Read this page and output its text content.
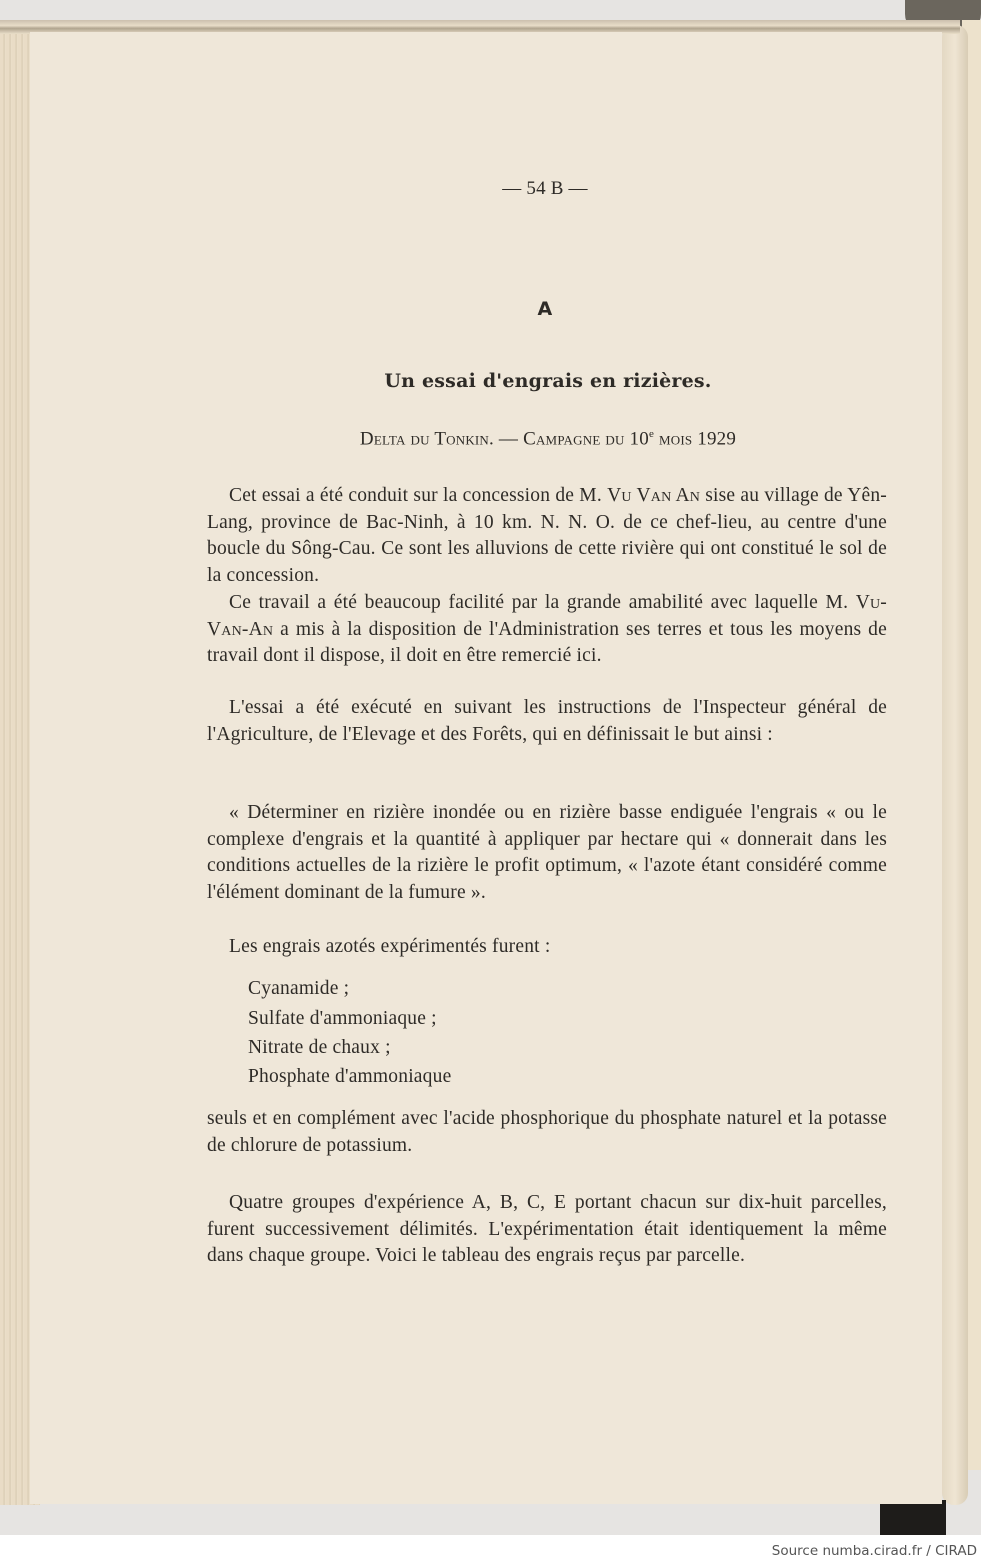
— 54 B —
A
Un essai d'engrais en rizières.
Delta du Tonkin. — Campagne du 10e mois 1929

Cet essai a été conduit sur la concession de M. Vu Van An sise au village de Yên-Lang, province de Bac-Ninh, à 10 km. N. N. O. de ce chef-lieu, au centre d'une boucle du Sông-Cau. Ce sont les alluvions de cette rivière qui ont constitué le sol de la concession.

Ce travail a été beaucoup facilité par la grande amabilité avec laquelle M. Vu-Van-An a mis à la disposition de l'Administration ses terres et tous les moyens de travail dont il dispose, il doit en être remercié ici.

L'essai a été exécuté en suivant les instructions de l'Inspecteur général de l'Agriculture, de l'Elevage et des Forêts, qui en définissait le but ainsi :

« Déterminer en rizière inondée ou en rizière basse endiguée l'engrais « ou le complexe d'engrais et la quantité à appliquer par hectare qui « donnerait dans les conditions actuelles de la rizière le profit optimum, « l'azote étant considéré comme l'élément dominant de la fumure ».

Les engrais azotés expérimentés furent :

Cyanamide ;
Sulfate d'ammoniaque ;
Nitrate de chaux ;
Phosphate d'ammoniaque

seuls et en complément avec l'acide phosphorique du phosphate naturel et la potasse de chlorure de potassium.

Quatre groupes d'expérience A, B, C, E portant chacun sur dix-huit parcelles, furent successivement délimités. L'expérimentation était identiquement la même dans chaque groupe. Voici le tableau des engrais reçus par parcelle.

Source numba.cirad.fr / CIRAD
